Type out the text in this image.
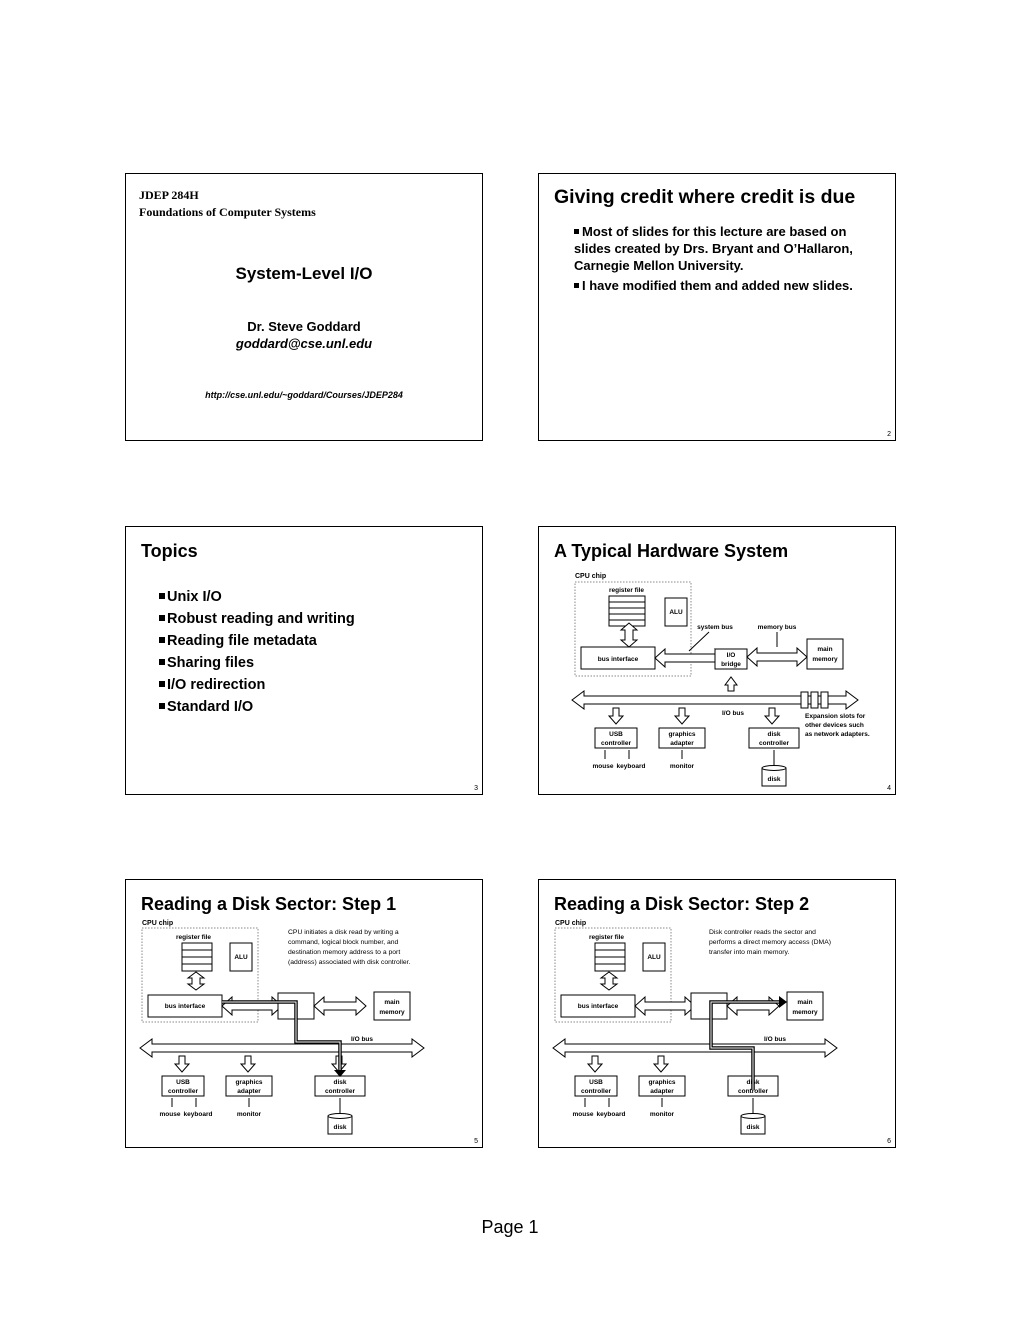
JDEP 284H
Foundations of Computer Systems
System-Level I/O
Dr. Steve Goddard
goddard@cse.unl.edu
http://cse.unl.edu/~goddard/Courses/JDEP284
Giving credit where credit is due
Most of slides for this lecture are based on slides created by Drs. Bryant and O’Hallaron, Carnegie Mellon University.
I have modified them and added new slides.
2
Topics
Unix I/O
Robust reading and writing
Reading file metadata
Sharing files
I/O redirection
Standard I/O
3
A Typical Hardware System
CPU chip
register file
ALU
bus interface
system bus
I/O
bridge
memory bus
main
memory
I/O bus	Expansion slots for
other devices such
as network adapters.
USB
controller
graphics
adapter
disk
controller
mouse keyboard	monitor
disk
4
Reading a Disk Sector: Step 1
CPU chip
register file
ALU
bus interface
main
memory
CPU initiates a disk read by writing a
command, logical block number, and
destination memory address to a port
(address) associated with disk controller.
I/O bus
USB
controller
graphics
adapter
disk
controller
mouse keyboard	monitor
disk
5
Reading a Disk Sector: Step 2
CPU chip
register file
ALU
bus interface
main
memory
Disk controller reads the sector and
performs a direct memory access (DMA)
transfer into main memory.
I/O bus
USB
controller
graphics
adapter
disk
controller
mouse keyboard	monitor
disk
6
Page 1
